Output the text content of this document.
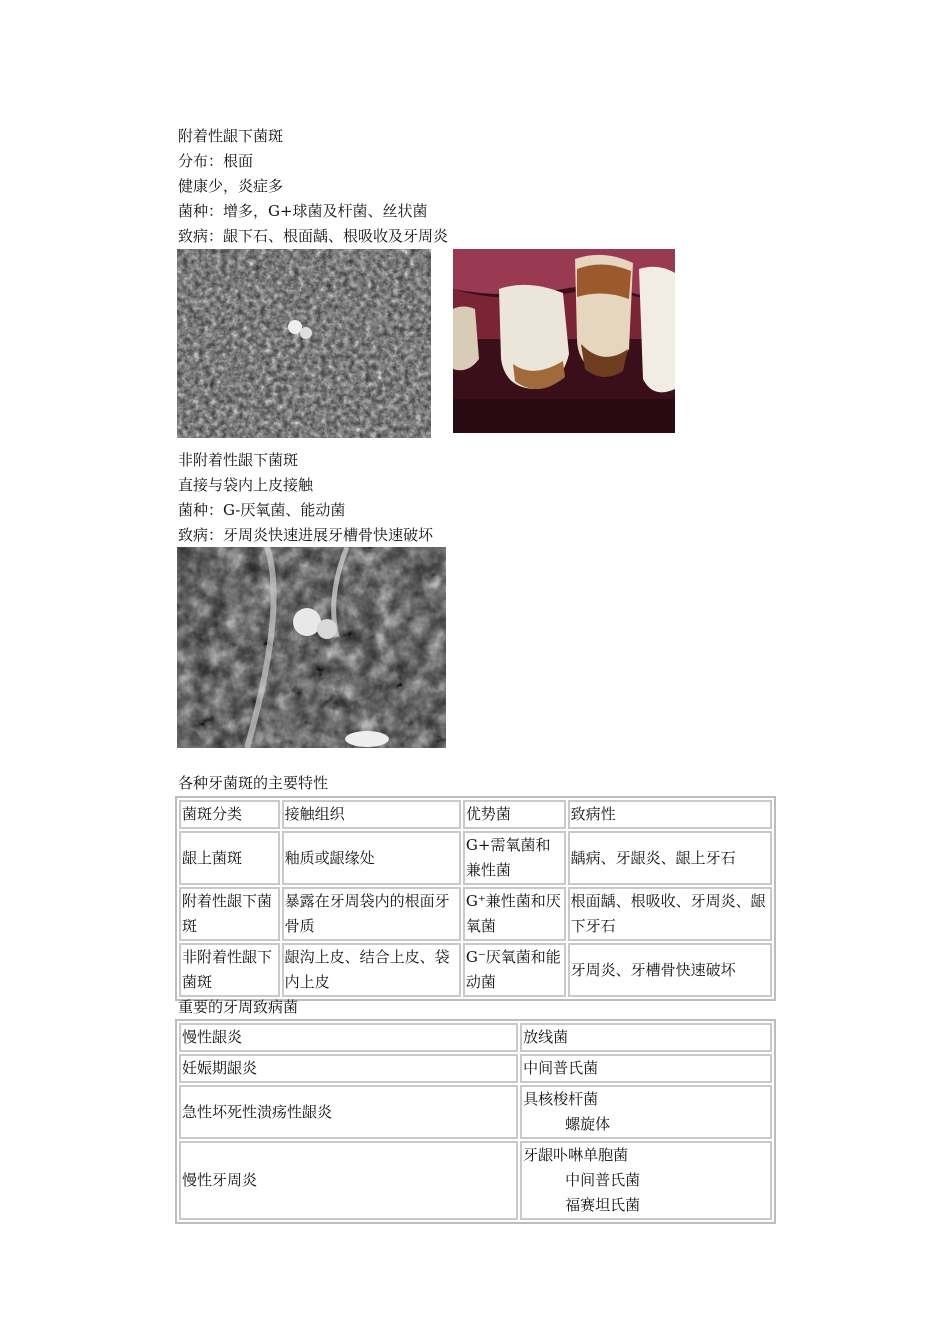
附着性龈下菌斑
分布：根面
健康少，炎症多
菌种：增多，G+球菌及杆菌、丝状菌
致病：龈下石、根面龋、根吸收及牙周炎
非附着性龈下菌斑
直接与袋内上皮接触
菌种：G-厌氧菌、能动菌
致病：牙周炎快速进展牙槽骨快速破坏
各种牙菌斑的主要特性
菌斑分类	接触组织	优势菌	致病性
龈上菌斑	釉质或龈缘处	G+需氧菌和兼性菌	龋病、牙龈炎、龈上牙石
附着性龈下菌斑	暴露在牙周袋内的根面牙骨质	G⁺兼性菌和厌氧菌	根面龋、根吸收、牙周炎、龈下牙石
非附着性龈下菌斑	龈沟上皮、结合上皮、袋内上皮	G⁻厌氧菌和能动菌	牙周炎、牙槽骨快速破坏
重要的牙周致病菌
慢性龈炎	放线菌
妊娠期龈炎	中间普氏菌
急性坏死性溃疡性龈炎	具核梭杆菌
螺旋体

慢性牙周炎	牙龈卟啉单胞菌
中间普氏菌
福赛坦氏菌
